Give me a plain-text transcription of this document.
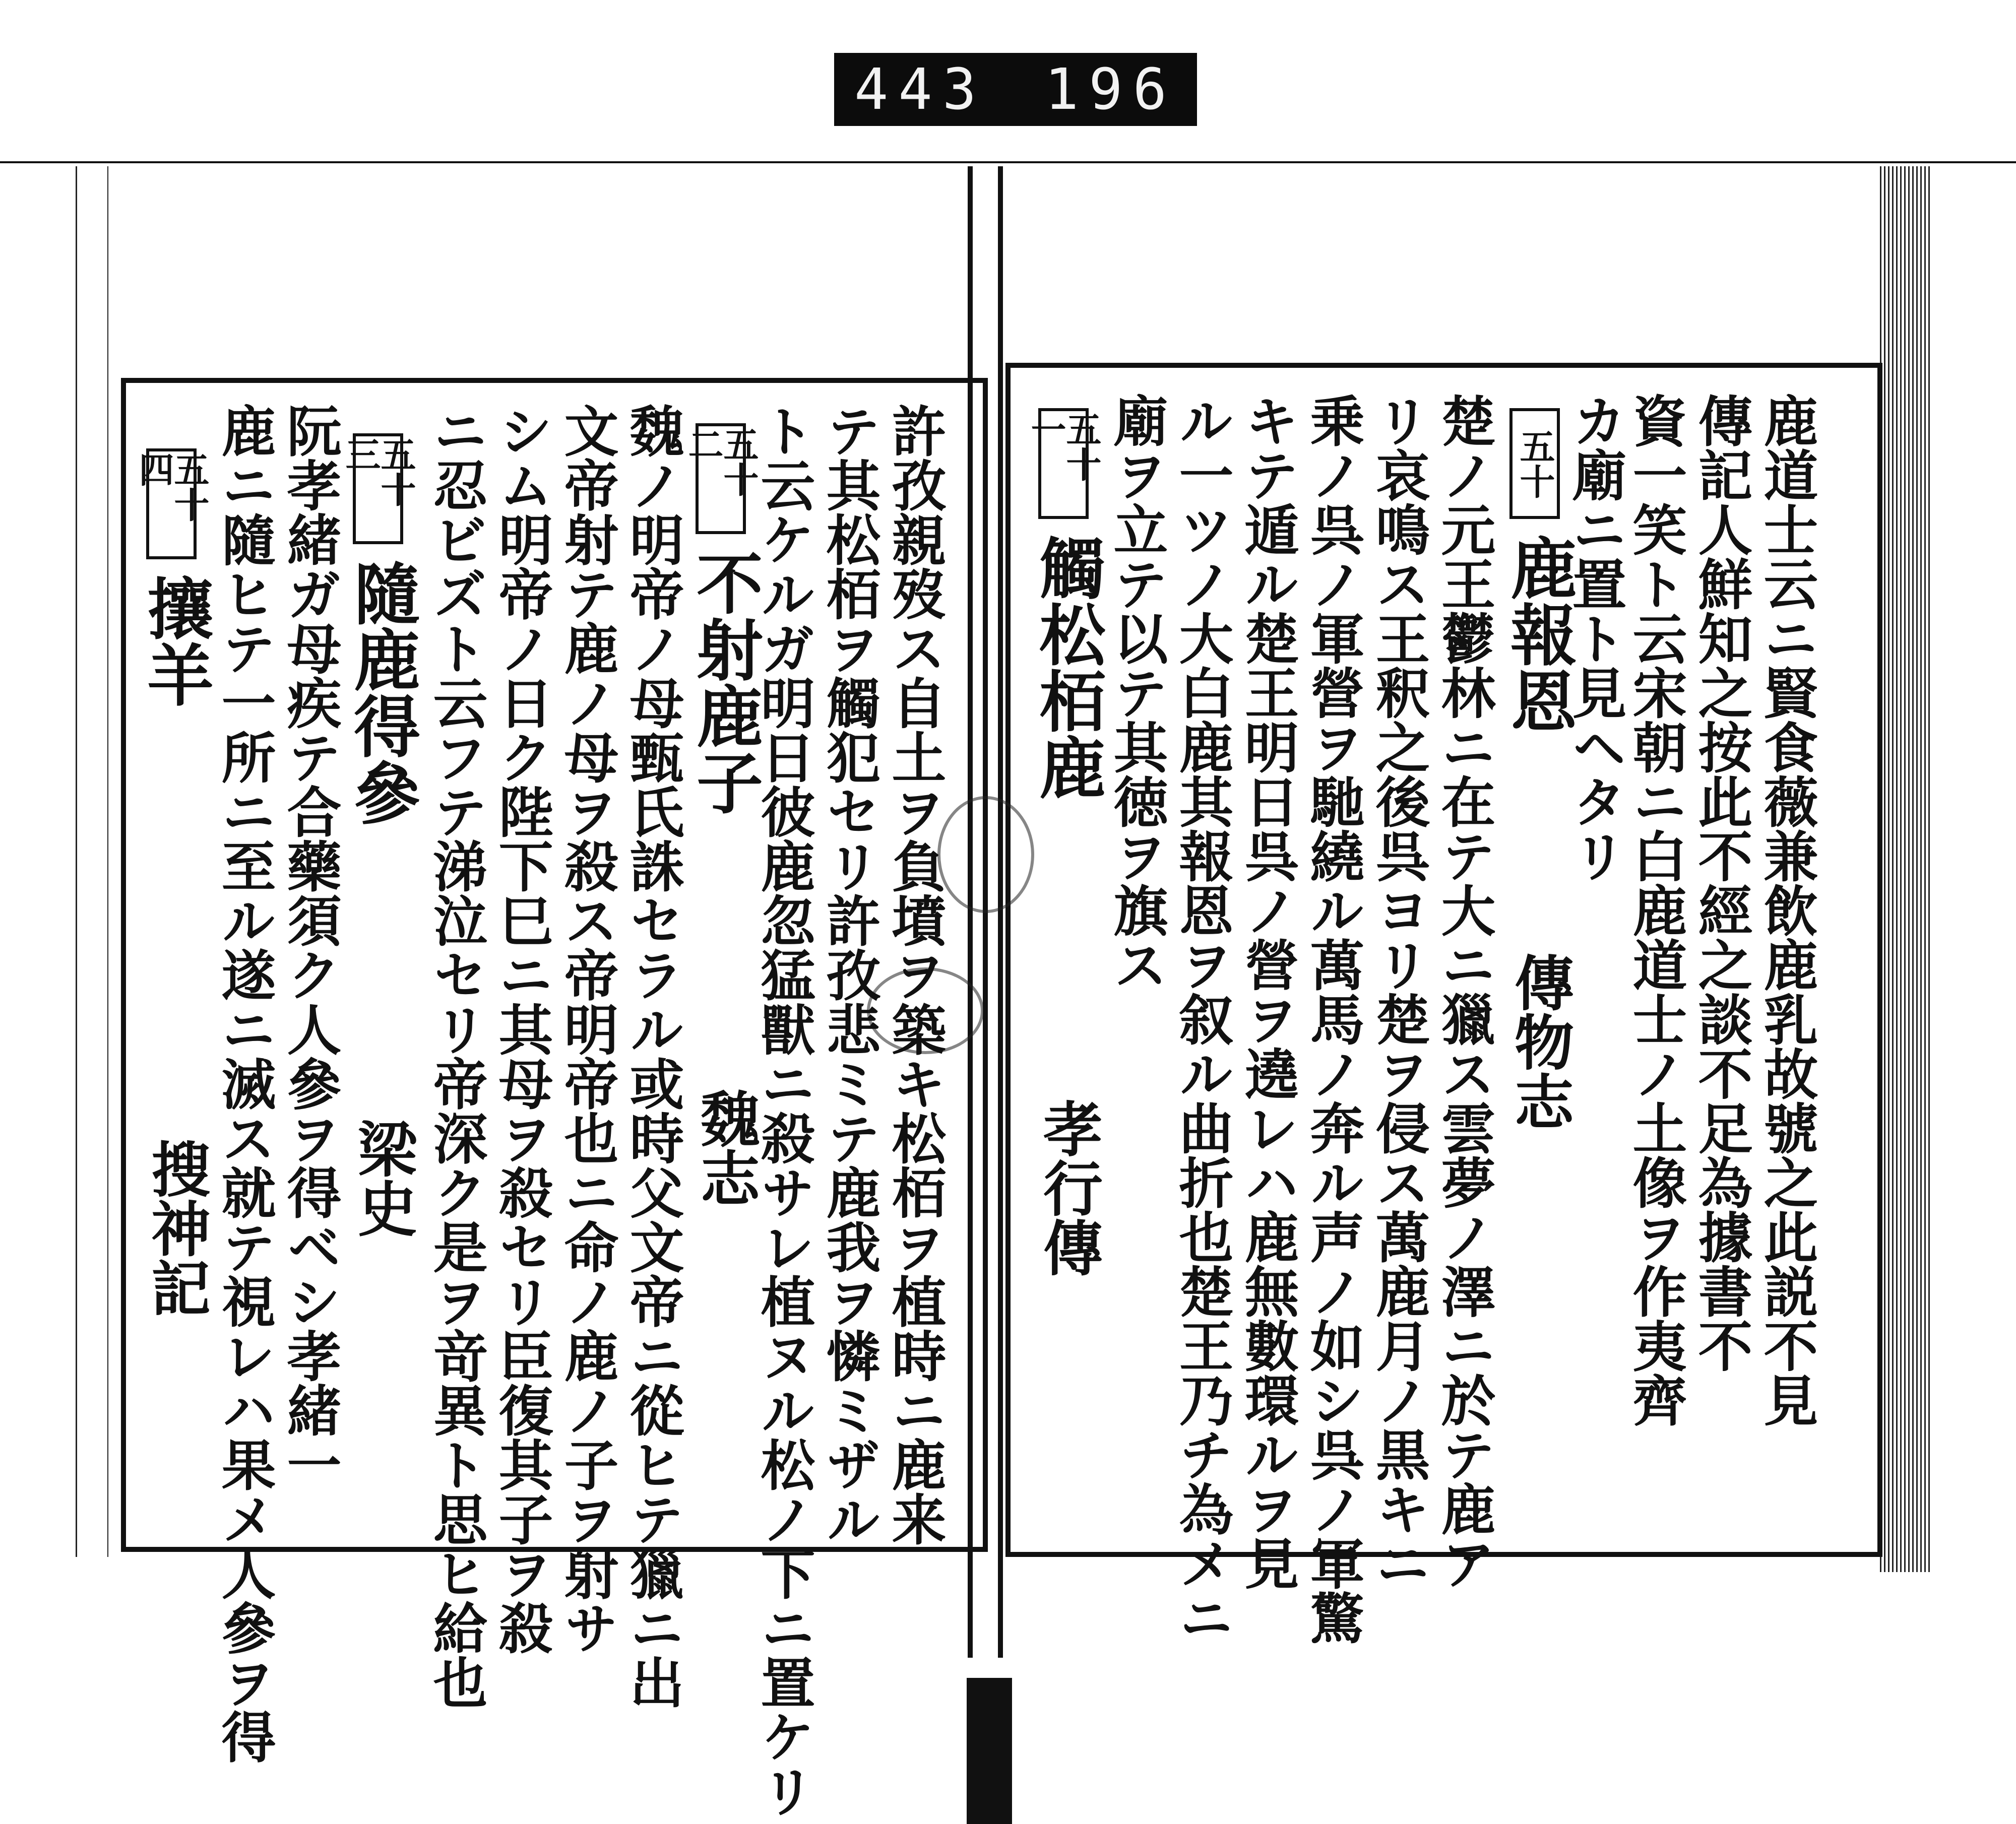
443 196
鹿道士云ニ賢食薇兼飲鹿乳故號之此説不見
傳記人鮮知之按此不經之談不足為據書不
資一笑ト云宋朝ニ白鹿道士ノ土像ヲ作夷齊
カ廟ニ置ト見ヘタリ
五十
鹿報恩
傳物志
楚ノ元王鬱林ニ在テ大ニ獵ス雲夢ノ澤ニ於テ鹿ア
リ哀鳴ス王釈之後呉ヨリ楚ヲ侵ス萬鹿月ノ黒キニ
乗ノ呉ノ軍營ヲ馳繞ル萬馬ノ奔ル声ノ如シ呉ノ軍驚
キテ遁ル楚王明日呉ノ營ヲ遶レハ鹿無數環ルヲ見
ル一ツノ大白鹿其報恩ヲ叙ル曲折也楚王乃チ為メニ
廟ヲ立テ以テ其徳ヲ旗ス
五十一
觸松栢鹿
孝行傳
許孜親歿ス自土ヲ負墳ヲ築キ松栢ヲ植時ニ鹿来
テ其松栢ヲ觸犯セリ許孜悲ミテ鹿我ヲ憐ミザル
ト云ケルガ明日彼鹿忽猛獸ニ殺サレ植ヌル松ノ下ニ置ケリ
五十二
不射鹿子
魏志
魏ノ明帝ノ母甄氏誅セラル或時父文帝ニ從ヒテ獵ニ出
文帝射テ鹿ノ母ヲ殺ス帝明帝也ニ命ノ鹿ノ子ヲ射サ
シム明帝ノ日ク陛下巳ニ其母ヲ殺セリ臣復其子ヲ殺
ニ忍ビズト云フテ涕泣セリ帝深ク是ヲ竒異ト思ヒ給也
五十三
隨鹿得參
梁史
阮孝緒ガ母疾テ合藥須ク人參ヲ得ベシ孝緒一
鹿ニ隨ヒテ一所ニ至ル遂ニ滅ス就テ視レハ果メ人參ヲ得
五十四
攘羊
搜神記
